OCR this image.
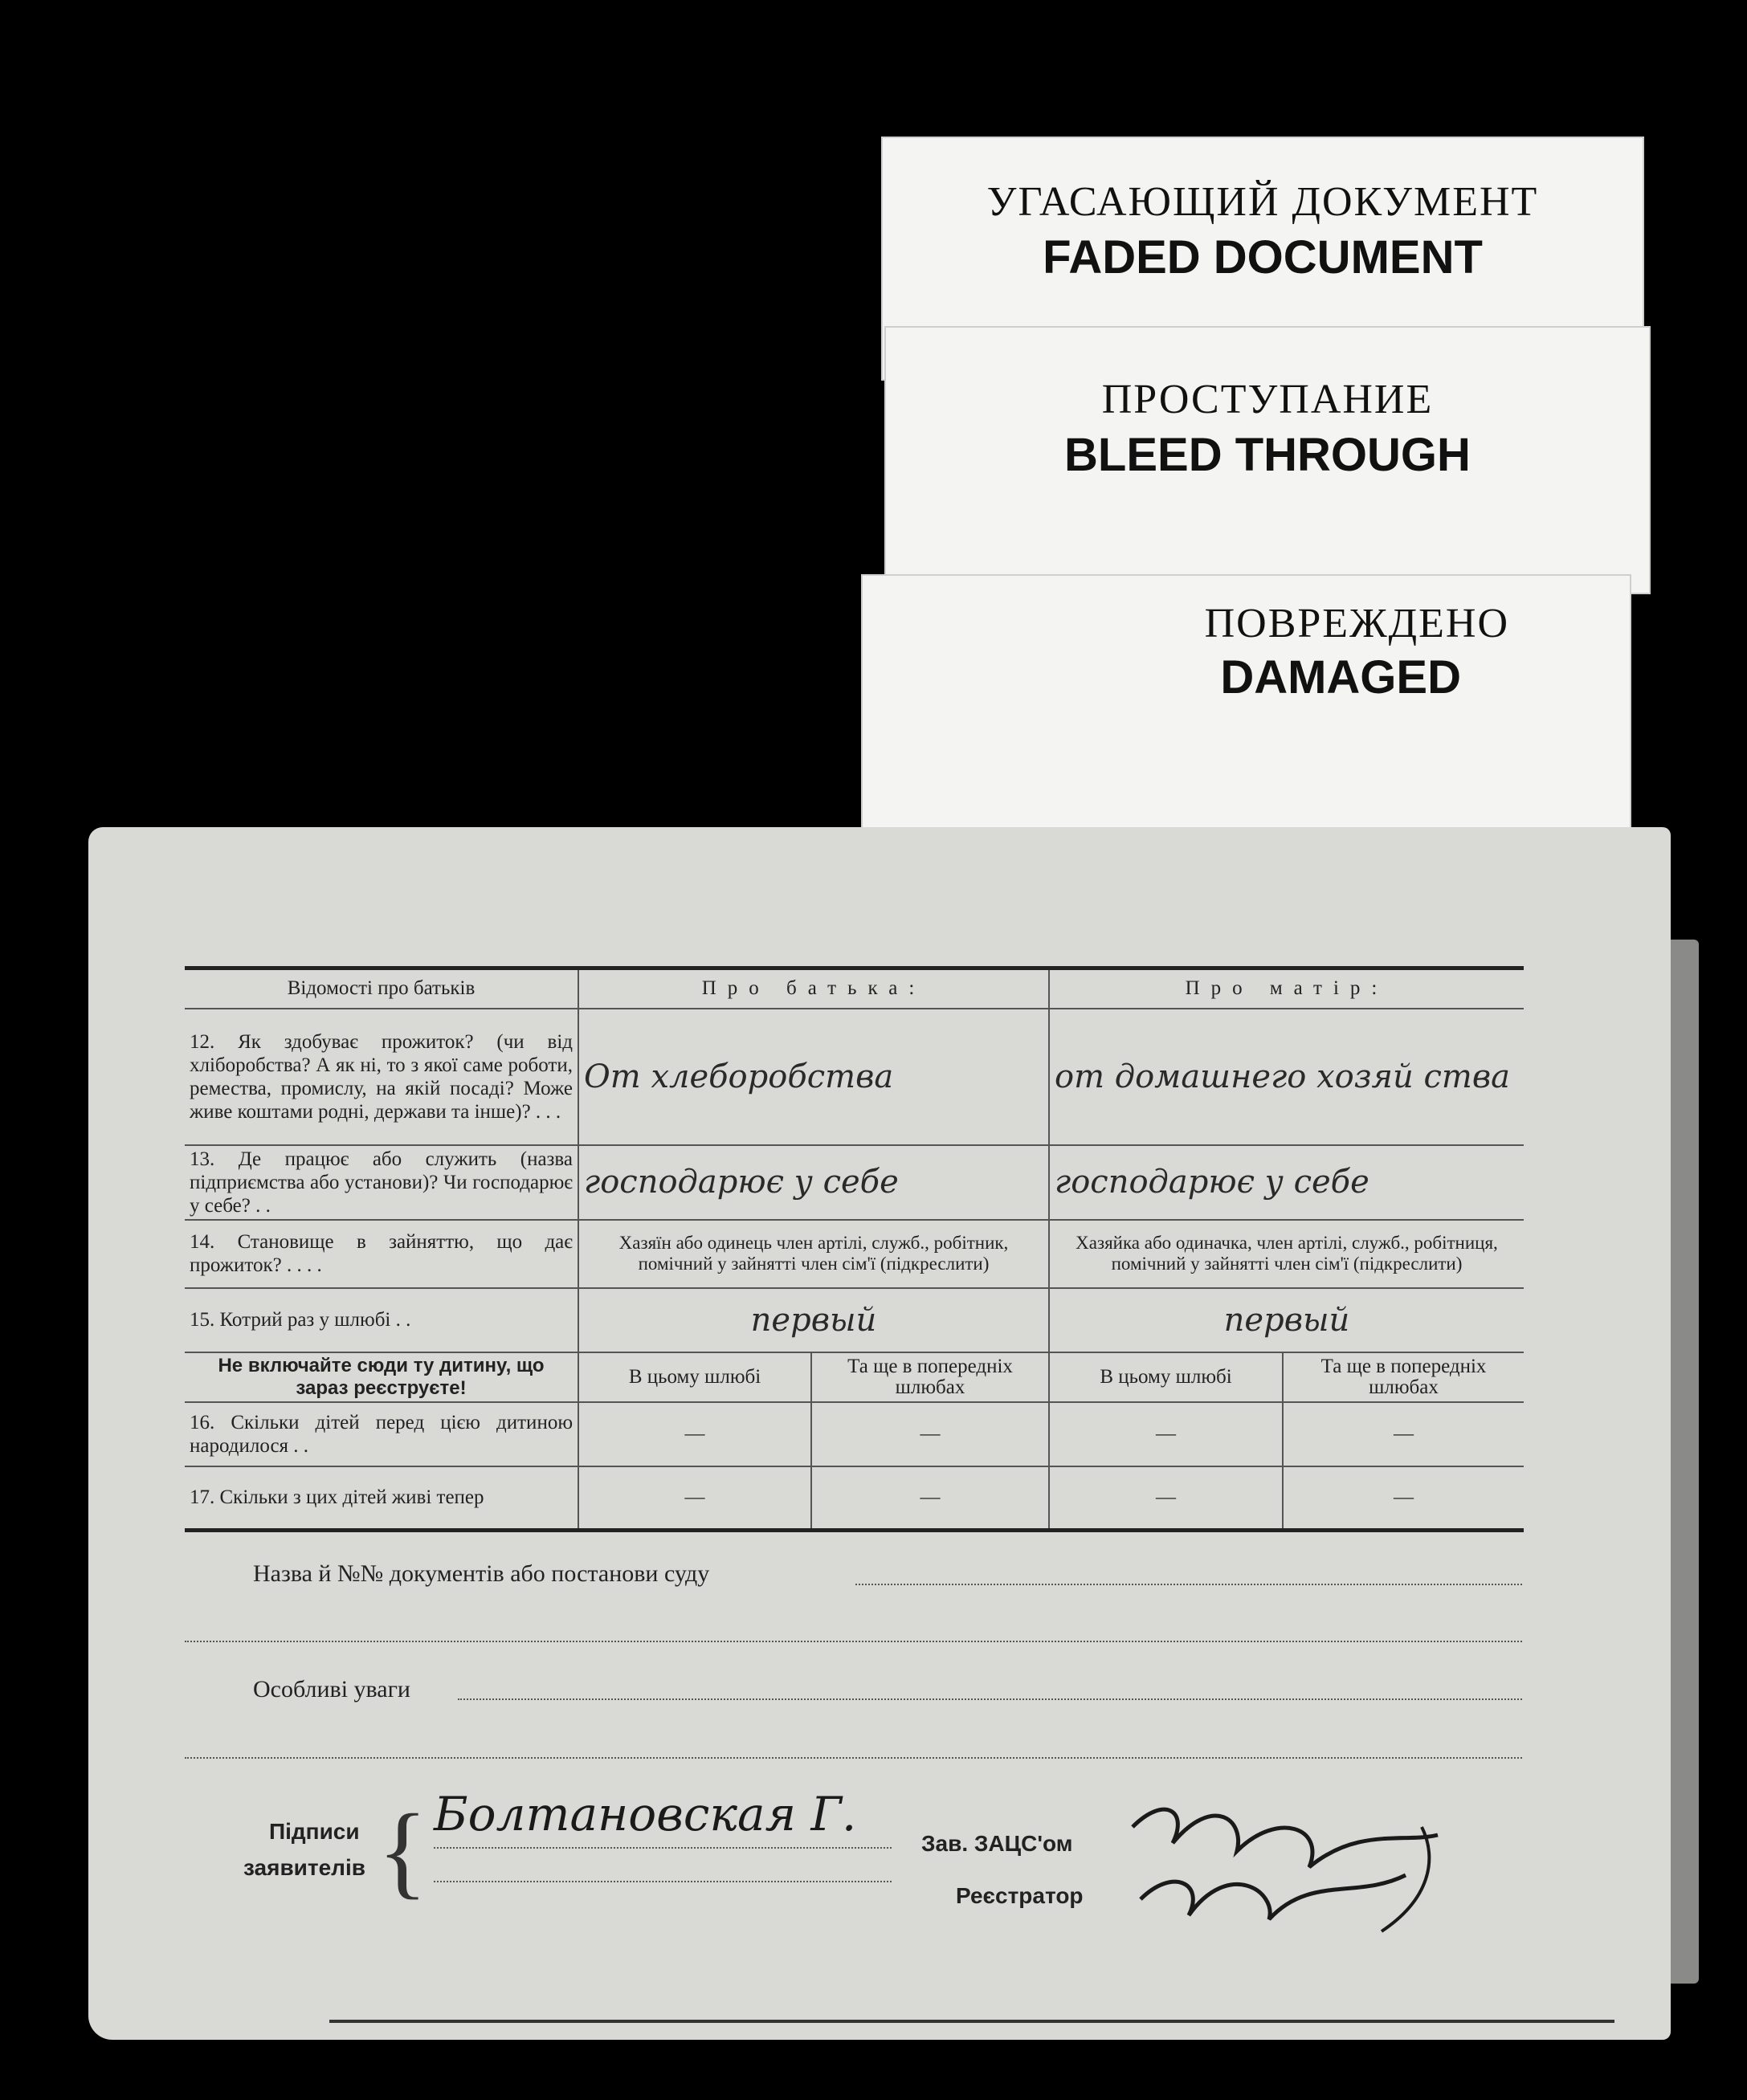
УГАСАЮЩИЙ ДОКУМЕНТ
FADED DOCUMENT
ПРОСТУПАНИЕ
BLEED THROUGH
ПОВРЕЖДЕНО
DAMAGED
Відомості про батьків	Про батька:		Про матір:	
12. Як здобуває прожиток? (чи від хліборобства? А як ні, то з якої саме роботи, ремества, промислу, на якій посаді? Може живе коштами родні, держави та інше)? . . .	От хлеборобства		от домашнего хозяй ства	
13. Де працює або служить (назва підприємства або установи)? Чи господарює у себе? . .	господарює у себе		господарює у себе	
14. Становище в зайняттю, що дає прожиток? . . . .	Хазяїн або одинець член артілі, служб., робітник, помічний у зайнятті член сім'ї (підкреслити)		Хазяйка або одиначка, член артілі, служб., робітниця, помічний у зайнятті член сім'ї (підкреслити)	
15. Котрий раз у шлюбі . .	первый		первый	
Не включайте сюди ту дитину, що зараз реєструєте!	В цьому шлюбі	Та ще в попередніх шлюбах	В цьому шлюбі	Та ще в попередніх шлюбах
16. Скільки дітей перед цією дитиною народилося . .	—	—	—	—
17. Скільки з цих дітей живі тепер	—	—	—	—
Назва й №№ документів або постанови суду
Особливі уваги
Підписи
заявителів { Болтановская Г.
Зав. ЗАЦС'ом
Реєстратор
